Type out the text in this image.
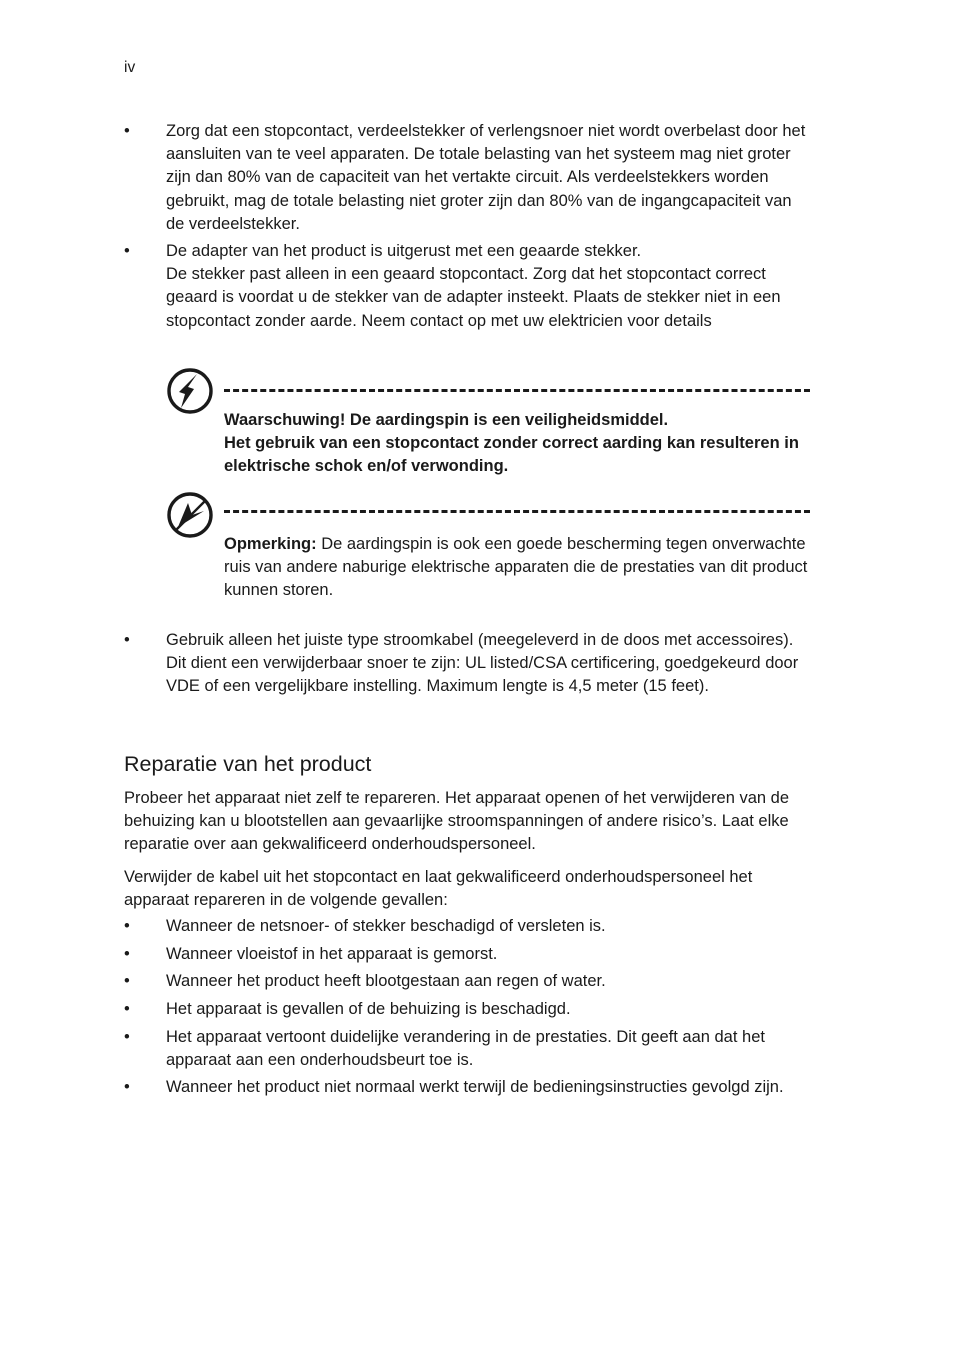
iv
•	Zorg dat een stopcontact, verdeelstekker of verlengsnoer niet wordt overbelast door het aansluiten van te veel apparaten. De totale belasting van het systeem mag niet groter zijn dan 80% van de capaciteit van het vertakte circuit. Als verdeelstekkers worden gebruikt, mag de totale belasting niet groter zijn dan 80% van de ingangcapaciteit van de verdeelstekker.
•	De adapter van het product is uitgerust met een geaarde stekker.
De stekker past alleen in een geaard stopcontact. Zorg dat het stopcontact correct geaard is voordat u de stekker van de adapter insteekt. Plaats de stekker niet in een stopcontact zonder aarde. Neem contact op met uw elektricien voor details
Waarschuwing! De aardingspin is een veiligheidsmiddel.
Het gebruik van een stopcontact zonder correct aarding kan resulteren in elektrische schok en/of verwonding.
Opmerking: De aardingspin is ook een goede bescherming tegen onverwachte ruis van andere naburige elektrische apparaten die de prestaties van dit product kunnen storen.
•	Gebruik alleen het juiste type stroomkabel (meegeleverd in de doos met accessoires). Dit dient een verwijderbaar snoer te zijn: UL listed/CSA certificering, goedgekeurd door VDE of een vergelijkbare instelling. Maximum lengte is 4,5 meter (15 feet).
Reparatie van het product
Probeer het apparaat niet zelf te repareren. Het apparaat openen of het verwijderen van de behuizing kan u blootstellen aan gevaarlijke stroomspanningen of andere risico’s. Laat elke reparatie over aan gekwalificeerd onderhoudspersoneel.
Verwijder de kabel uit het stopcontact en laat gekwalificeerd onderhoudspersoneel het apparaat repareren in de volgende gevallen:
•	Wanneer de netsnoer- of stekker beschadigd of versleten is.
•	Wanneer vloeistof in het apparaat is gemorst.
•	Wanneer het product heeft blootgestaan aan regen of water.
•	Het apparaat is gevallen of de behuizing is beschadigd.
•	Het apparaat vertoont duidelijke verandering in de prestaties. Dit geeft aan dat het apparaat aan een onderhoudsbeurt toe is.
•	Wanneer het product niet normaal werkt terwijl de bedieningsinstructies gevolgd zijn.
